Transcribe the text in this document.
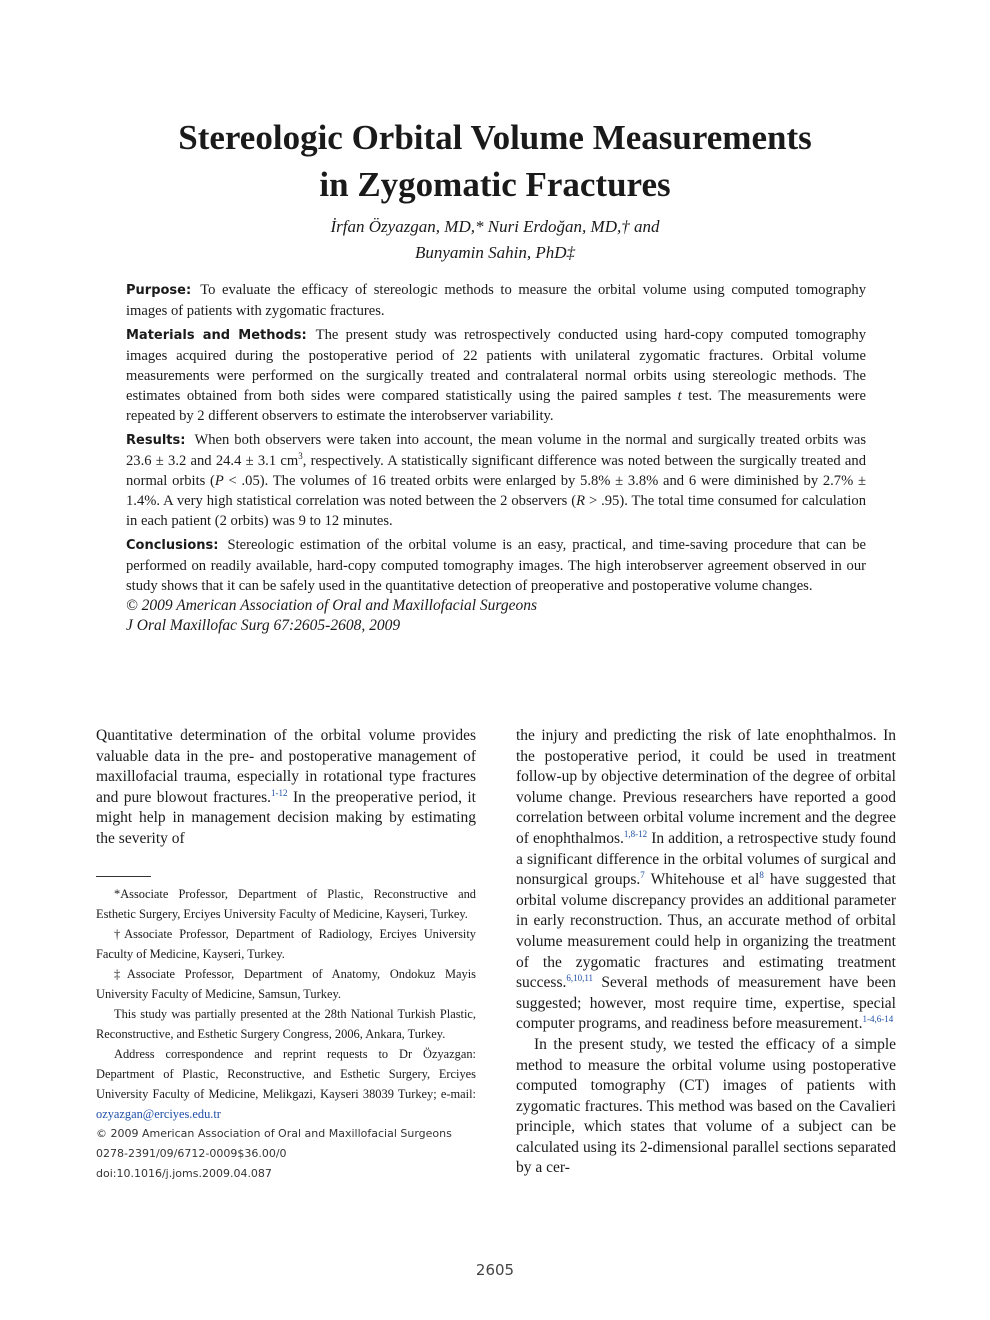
Stereologic Orbital Volume Measurements
in Zygomatic Fractures
İrfan Özyazgan, MD,* Nuri Erdoğan, MD,† and
Bunyamin Sahin, PhD‡

Purpose: To evaluate the efficacy of stereologic methods to measure the orbital volume using computed tomography images of patients with zygomatic fractures.

Materials and Methods: The present study was retrospectively conducted using hard-copy computed tomography images acquired during the postoperative period of 22 patients with unilateral zygomatic fractures. Orbital volume measurements were performed on the surgically treated and contralateral normal orbits using stereologic methods. The estimates obtained from both sides were compared statistically using the paired samples t test. The measurements were repeated by 2 different observers to estimate the interobserver variability.

Results: When both observers were taken into account, the mean volume in the normal and surgically treated orbits was 23.6 ± 3.2 and 24.4 ± 3.1 $cm^3$, respectively. A statistically significant difference was noted between the surgically treated and normal orbits (P < .05). The volumes of 16 treated orbits were enlarged by 5.8% ± 3.8% and 6 were diminished by 2.7% ± 1.4%. A very high statistical correlation was noted between the 2 observers (R > .95). The total time consumed for calculation in each patient (2 orbits) was 9 to 12 minutes.

Conclusions: Stereologic estimation of the orbital volume is an easy, practical, and time-saving procedure that can be performed on readily available, hard-copy computed tomography images. The high interobserver agreement observed in our study shows that it can be safely used in the quantitative detection of preoperative and postoperative volume changes.

© 2009 American Association of Oral and Maxillofacial Surgeons

J Oral Maxillofac Surg 67:2605-2608, 2009

Quantitative determination of the orbital volume provides valuable data in the pre- and postoperative management of maxillofacial trauma, especially in rotational type fractures and pure blowout fractures.$^{1-12}$ In the preoperative period, it might help in management decision making by estimating the severity of

*Associate Professor, Department of Plastic, Reconstructive and Esthetic Surgery, Erciyes University Faculty of Medicine, Kayseri, Turkey.

†Associate Professor, Department of Radiology, Erciyes University Faculty of Medicine, Kayseri, Turkey.

‡Associate Professor, Department of Anatomy, Ondokuz Mayis University Faculty of Medicine, Samsun, Turkey.

This study was partially presented at the 28th National Turkish Plastic, Reconstructive, and Esthetic Surgery Congress, 2006, Ankara, Turkey.

Address correspondence and reprint requests to Dr Özyazgan: Department of Plastic, Reconstructive, and Esthetic Surgery, Erciyes University Faculty of Medicine, Melikgazi, Kayseri 38039 Turkey; e-mail: ozyazgan@erciyes.edu.tr

© 2009 American Association of Oral and Maxillofacial Surgeons

0278-2391/09/6712-0009$36.00/0

doi:10.1016/j.joms.2009.04.087

the injury and predicting the risk of late enophthalmos. In the postoperative period, it could be used in treatment follow-up by objective determination of the degree of orbital volume change. Previous researchers have reported a good correlation between orbital volume increment and the degree of enophthalmos.$^{1,8-12}$ In addition, a retrospective study found a significant difference in the orbital volumes of surgical and nonsurgical groups.$^7$ Whitehouse et $al^8$ have suggested that orbital volume discrepancy provides an additional parameter in early reconstruction. Thus, an accurate method of orbital volume measurement could help in organizing the treatment of the zygomatic fractures and estimating treatment success.$^{6,10,11}$ Several methods of measurement have been suggested; however, most require time, expertise, special computer programs, and readiness before measurement.$^{1-4,6-14}$

In the present study, we tested the efficacy of a simple method to measure the orbital volume using postoperative computed tomography (CT) images of patients with zygomatic fractures. This method was based on the Cavalieri principle, which states that volume of a subject can be calculated using its 2-dimensional parallel sections separated by a cer-

2605
